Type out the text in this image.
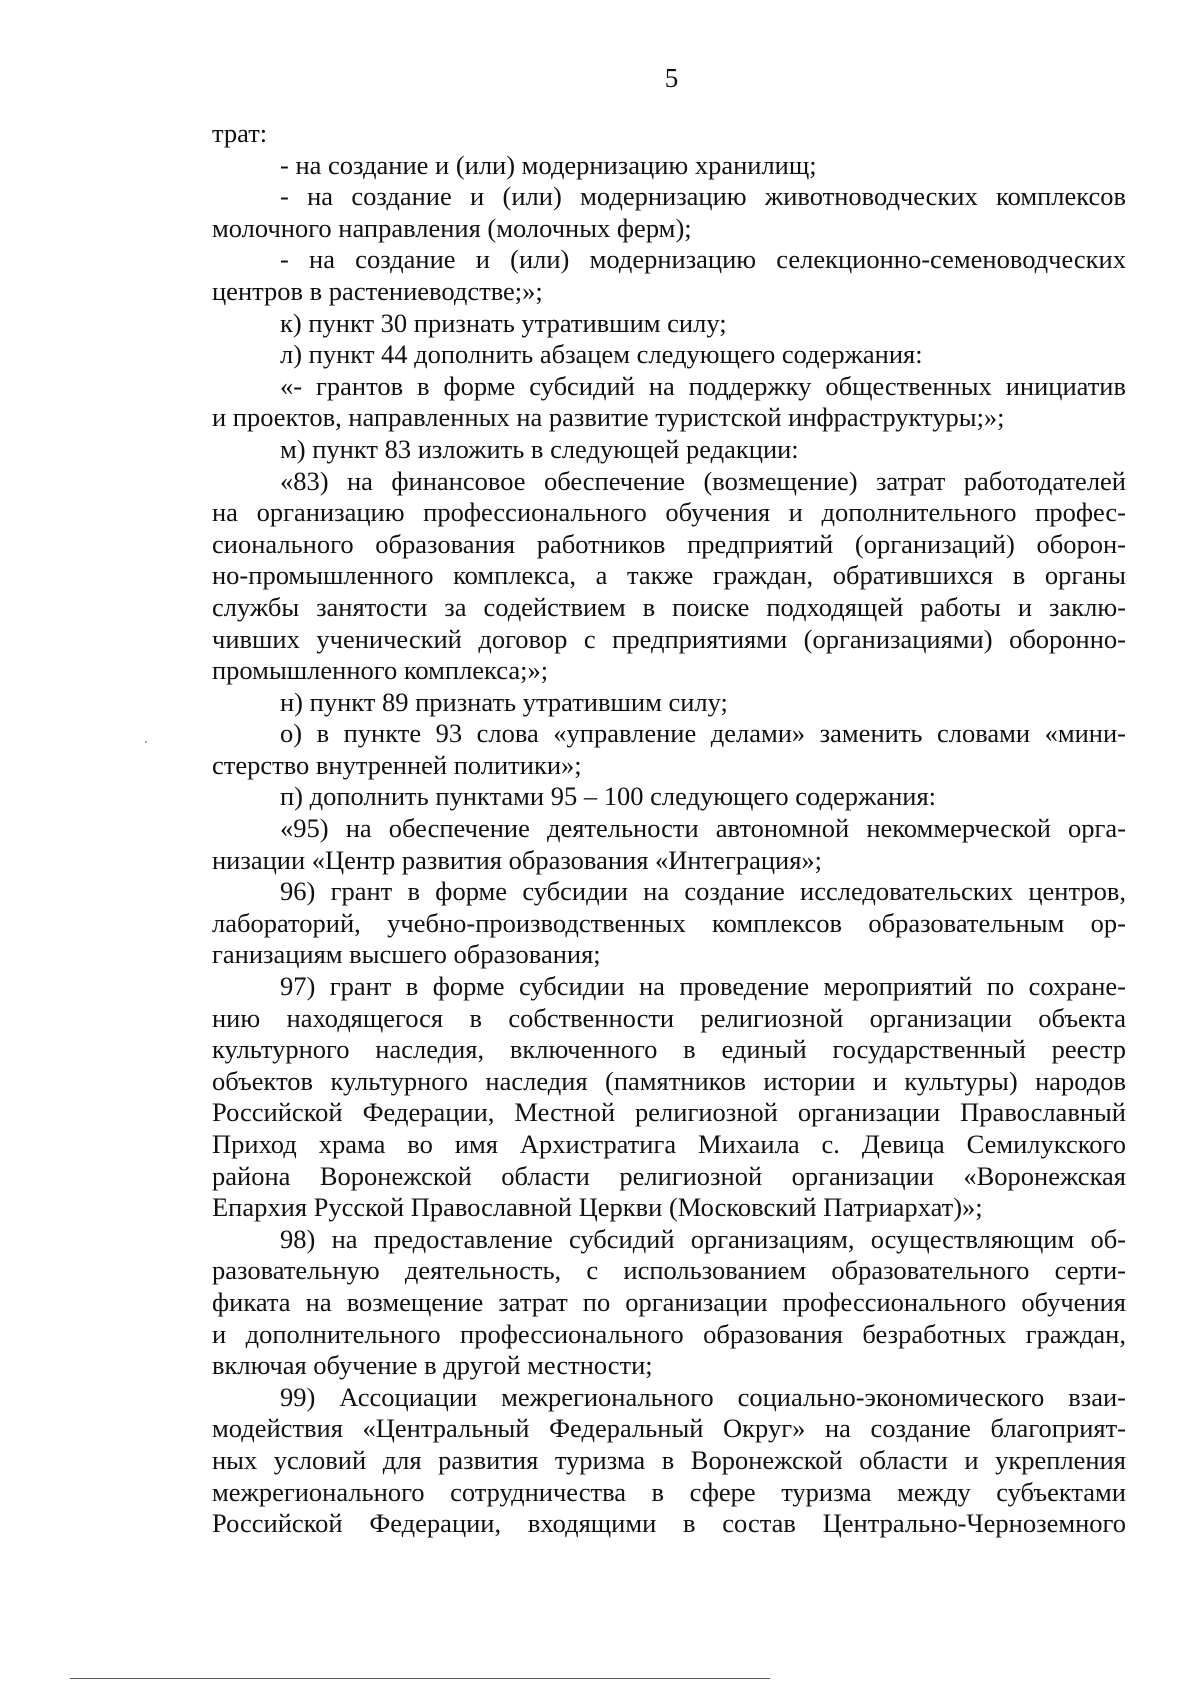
5
трат:
- на создание и (или) модернизацию хранилищ;
- на создание и (или) модернизацию животноводческих комплексов
молочного направления (молочных ферм);
- на создание и (или) модернизацию селекционно-семеноводческих
центров в растениеводстве;»;
к) пункт 30 признать утратившим силу;
л) пункт 44 дополнить абзацем следующего содержания:
«- грантов в форме субсидий на поддержку общественных инициатив
и проектов, направленных на развитие туристской инфраструктуры;»;
м) пункт 83 изложить в следующей редакции:
«83) на финансовое обеспечение (возмещение) затрат работодателей
на организацию профессионального обучения и дополнительного профес-
сионального образования работников предприятий (организаций) оборон-
но-промышленного комплекса, а также граждан, обратившихся в органы
службы занятости за содействием в поиске подходящей работы и заклю-
чивших ученический договор с предприятиями (организациями) оборонно-
промышленного комплекса;»;
н) пункт 89 признать утратившим силу;
о) в пункте 93 слова «управление делами» заменить словами «мини-
стерство внутренней политики»;
п) дополнить пунктами 95 – 100 следующего содержания:
«95) на обеспечение деятельности автономной некоммерческой орга-
низации «Центр развития образования «Интеграция»;
96) грант в форме субсидии на создание исследовательских центров,
лабораторий, учебно-производственных комплексов образовательным ор-
ганизациям высшего образования;
97) грант в форме субсидии на проведение мероприятий по сохране-
нию находящегося в собственности религиозной организации объекта
культурного наследия, включенного в единый государственный реестр
объектов культурного наследия (памятников истории и культуры) народов
Российской Федерации, Местной религиозной организации Православный
Приход храма во имя Архистратига Михаила с. Девица Семилукского
района Воронежской области религиозной организации «Воронежская
Епархия Русской Православной Церкви (Московский Патриархат)»;
98) на предоставление субсидий организациям, осуществляющим об-
разовательную деятельность, с использованием образовательного серти-
фиката на возмещение затрат по организации профессионального обучения
и дополнительного профессионального образования безработных граждан,
включая обучение в другой местности;
99) Ассоциации межрегионального социально-экономического взаи-
модействия «Центральный Федеральный Округ» на создание благоприят-
ных условий для развития туризма в Воронежской области и укрепления
межрегионального сотрудничества в сфере туризма между субъектами
Российской Федерации, входящими в состав Центрально-Черноземного
